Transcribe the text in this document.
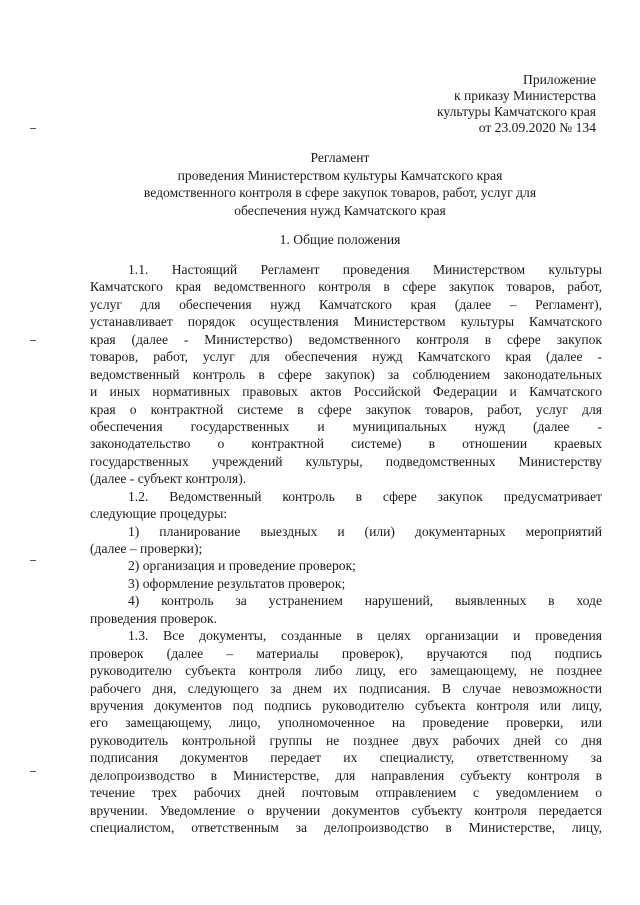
Приложение
к приказу Министерства
культуры Камчатского края
от 23.09.2020 № 134
Регламент
проведения Министерством культуры Камчатского края
ведомственного контроля в сфере закупок товаров, работ, услуг для
обеспечения нужд Камчатского края
1. Общие положения
1.1. Настоящий Регламент проведения Министерством культуры
Камчатского края ведомственного контроля в сфере закупок товаров, работ,
услуг для обеспечения нужд Камчатского края (далее – Регламент),
устанавливает порядок осуществления Министерством культуры Камчатского
края (далее - Министерство) ведомственного контроля в сфере закупок
товаров, работ, услуг для обеспечения нужд Камчатского края (далее -
ведомственный контроль в сфере закупок) за соблюдением законодательных
и иных нормативных правовых актов Российской Федерации и Камчатского
края о контрактной системе в сфере закупок товаров, работ, услуг для
обеспечения государственных и муниципальных нужд (далее -
законодательство о контрактной системе) в отношении краевых
государственных учреждений культуры, подведомственных Министерству
(далее - субъект контроля).
1.2. Ведомственный контроль в сфере закупок предусматривает
следующие процедуры:
1) планирование выездных и (или) документарных мероприятий
(далее – проверки);
2) организация и проведение проверок;
3) оформление результатов проверок;
4) контроль за устранением нарушений, выявленных в ходе
проведения проверок.
1.3. Все документы, созданные в целях организации и проведения
проверок (далее – материалы проверок), вручаются под подпись
руководителю субъекта контроля либо лицу, его замещающему, не позднее
рабочего дня, следующего за днем их подписания. В случае невозможности
вручения документов под подпись руководителю субъекта контроля или лицу,
его замещающему, лицо, уполномоченное на проведение проверки, или
руководитель контрольной группы не позднее двух рабочих дней со дня
подписания документов передает их специалисту, ответственному за
делопроизводство в Министерстве, для направления субъекту контроля в
течение трех рабочих дней почтовым отправлением с уведомлением о
вручении. Уведомление о вручении документов субъекту контроля передается
специалистом, ответственным за делопроизводство в Министерстве, лицу,
